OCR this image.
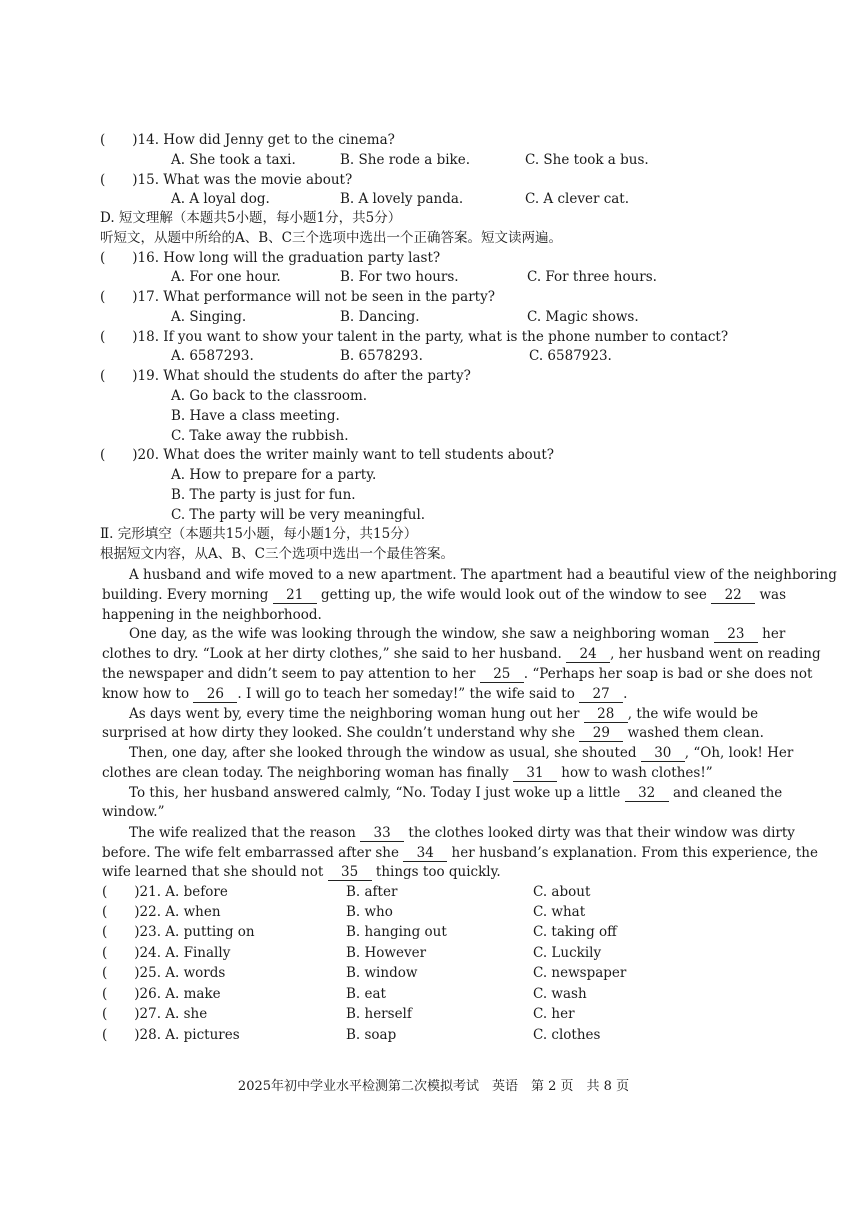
(　　)14. How did Jenny get to the cinema?
A. She took a taxi.	B. She rode a bike.	C. She took a bus.
(　　)15. What was the movie about?
A. A loyal dog.	B. A lovely panda.	C. A clever cat.
D. 短文理解（本题共5小题，每小题1分，共5分）
听短文，从题中所给的A、B、C三个选项中选出一个正确答案。短文读两遍。
(　　)16. How long will the graduation party last?
A. For one hour.	B. For two hours.	C. For three hours.
(　　)17. What performance will not be seen in the party?
A. Singing.	B. Dancing.	C. Magic shows.
(　　)18. If you want to show your talent in the party, what is the phone number to contact?
A. 6587293.	B. 6578293.	C. 6587923.
(　　)19. What should the students do after the party?
A. Go back to the classroom.
B. Have a class meeting.
C. Take away the rubbish.
(　　)20. What does the writer mainly want to tell students about?
A. How to prepare for a party.
B. The party is just for fun.
C. The party will be very meaningful.
Ⅱ. 完形填空（本题共15小题，每小题1分，共15分）
根据短文内容，从A、B、C三个选项中选出一个最佳答案。
　　A husband and wife moved to a new apartment. The apartment had a beautiful view of the neighboring
happening in the neighborhood.
window.”
building. Every morning 21 getting up, the wife would look out of the window to see 22 was
　　One day, as the wife was looking through the window, she saw a neighboring woman 23 her
clothes to dry. “Look at her dirty clothes,” she said to her husband. 24 , her husband went on reading
the newspaper and didn’t seem to pay attention to her 25 . “Perhaps her soap is bad or she does not
know how to 26 . I will go to teach her someday!” the wife said to 27 .
　　As days went by, every time the neighboring woman hung out her 28 , the wife would be
surprised at how dirty they looked. She couldn’t understand why she 29 washed them clean.
　　Then, one day, after she looked through the window as usual, she shouted 30 , “Oh, look! Her
clothes are clean today. The neighboring woman has finally 31 how to wash clothes!”
　　To this, her husband answered calmly, “No. Today I just woke up a little 32 and cleaned the
　　The wife realized that the reason 33 the clothes looked dirty was that their window was dirty
before. The wife felt embarrassed after she 34 her husband’s explanation. From this experience, the
wife learned that she should not 35 things too quickly.
(　　)21. A. before	B. after	C. about
(　　)22. A. when	B. who	C. what
(　　)23. A. putting on	B. hanging out	C. taking off
(　　)24. A. Finally	B. However	C. Luckily
(　　)25. A. words	B. window	C. newspaper
(　　)26. A. make	B. eat	C. wash
(　　)27. A. she	B. herself	C. her
(　　)28. A. pictures	B. soap	C. clothes
2025年初中学业水平检测第二次模拟考试　英语　第 2 页　共 8 页
